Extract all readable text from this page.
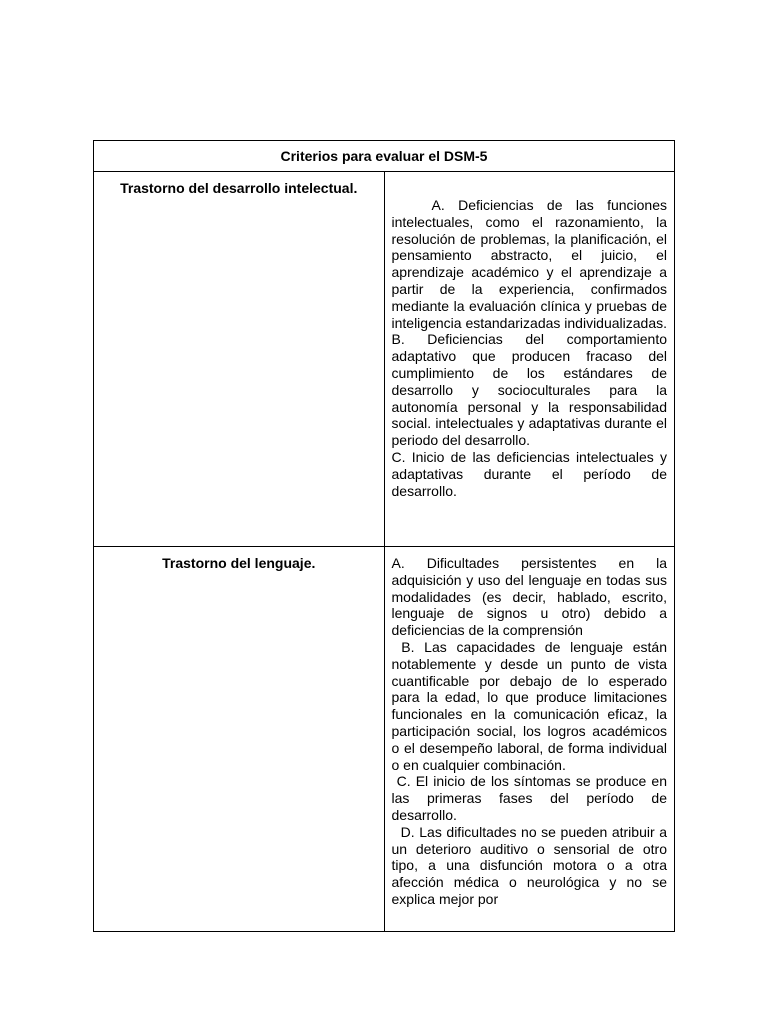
Criterios para evaluar el DSM-5	
Trastorno del desarrollo intelectual.	A. Deficiencias de las funciones intelectuales, como el razonamiento, la resolución de problemas, la planificación, el pensamiento abstracto, el juicio, el aprendizaje académico y el aprendizaje a partir de la experiencia, confirmados mediante la evaluación clínica y pruebas de inteligencia estandarizadas individualizadas.

B. Deficiencias del comportamiento adaptativo que producen fracaso del cumplimiento de los estándares de desarrollo y socioculturales para la autonomía personal y la responsabilidad social. intelectuales y adaptativas durante el periodo del desarrollo.

C. Inicio de las deficiencias intelectuales y adaptativas durante el período de desarrollo.

Trastorno del lenguaje.	A. Dificultades persistentes en la adquisición y uso del lenguaje en todas sus modalidades (es decir, hablado, escrito, lenguaje de signos u otro) debido a deficiencias de la comprensión

B. Las capacidades de lenguaje están notablemente y desde un punto de vista cuantificable por debajo de lo esperado para la edad, lo que produce limitaciones funcionales en la comunicación eficaz, la participación social, los logros académicos o el desempeño laboral, de forma individual o en cualquier combinación.

C. El inicio de los síntomas se produce en las primeras fases del período de desarrollo.

D. Las dificultades no se pueden atribuir a un deterioro auditivo o sensorial de otro tipo, a una disfunción motora o a otra afección médica o neurológica y no se explica mejor por
